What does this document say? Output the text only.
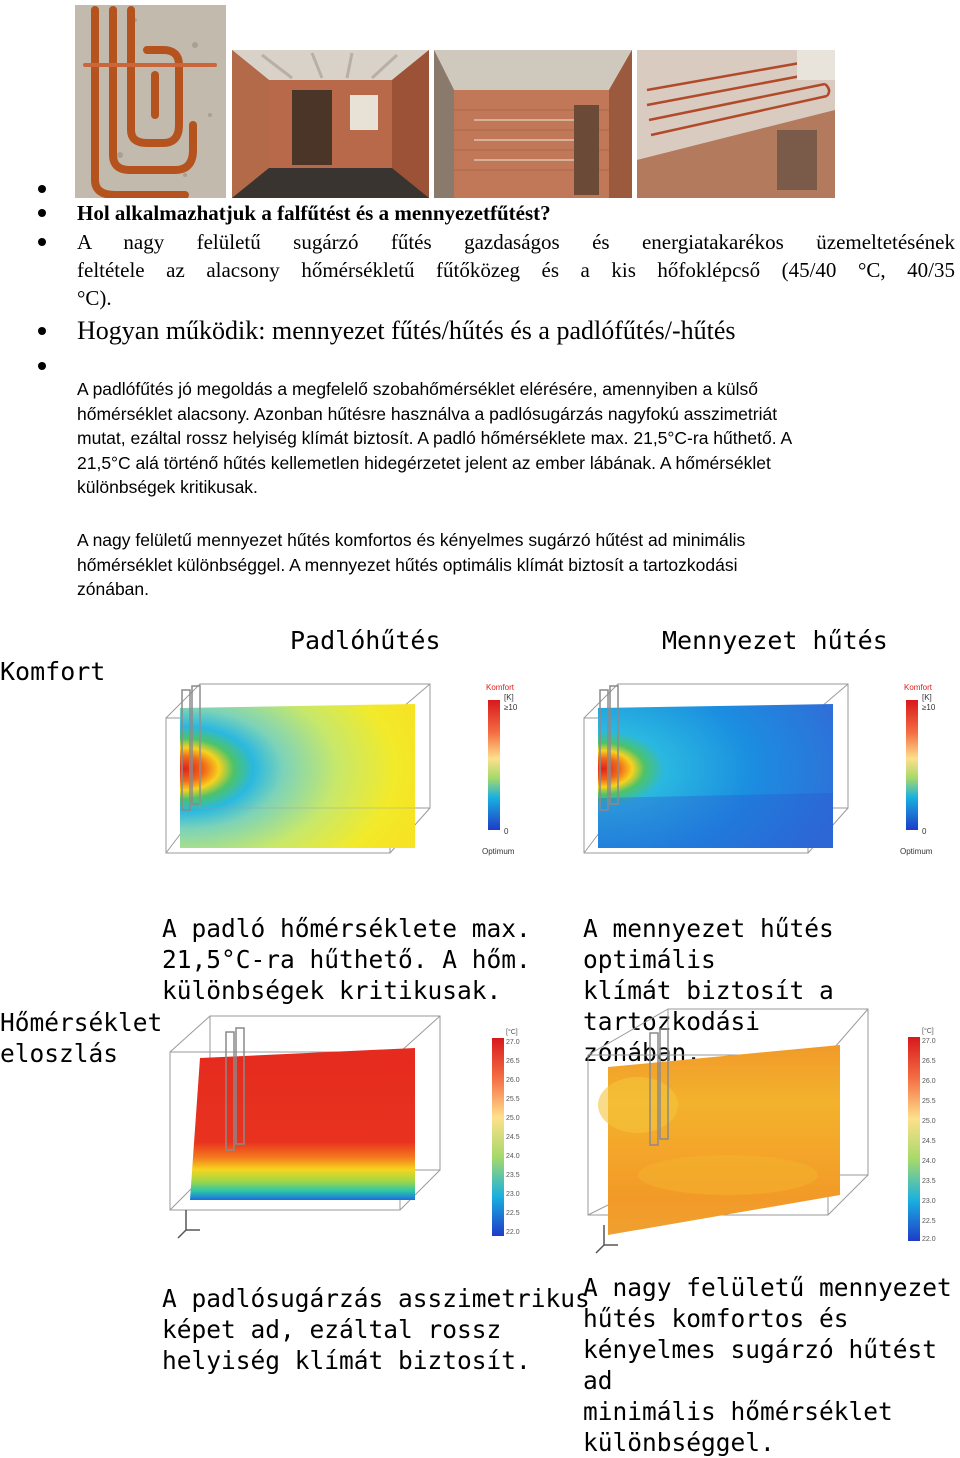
Hol alkalmazhatjuk a falfűtést és a mennyezetfűtést?
A nagy felületű sugárzó fűtés gazdaságos és energiatakarékos üzemeltetésének
feltétele az alacsony hőmérsékletű fűtőközeg és a kis hőfoklépcső (45/40 °C, 40/35
°C).
Hogyan működik: mennyezet fűtés/hűtés és a padlófűtés/-hűtés
A padlófűtés jó megoldás a megfelelő szobahőmérséklet elérésére, amennyiben a külső
hőmérséklet alacsony. Azonban hűtésre használva a padlósugárzás nagyfokú asszimetriát
mutat, ezáltal rossz helyiség klímát biztosít. A padló hőmérséklete max. 21,5°C-ra hűthető. A
21,5°C alá történő hűtés kellemetlen hidegérzetet jelent az ember lábának. A hőmérséklet
különbségek kritikusak.
A nagy felületű mennyezet hűtés komfortos és kényelmes sugárzó hűtést ad minimális
hőmérséklet különbséggel. A mennyezet hűtés optimális klímát biztosít a tartozkodási
zónában.
Padlóhűtés	Mennyezet hűtés
Komfort
Komfort
[K]
≥10
0
Optimum
Komfort
[K]
≥10
0
Optimum
A padló hőmérséklete max.
21,5°C-ra hűthető. A hőm.
különbségek kritikusak.
A mennyezet hűtés optimális
klímát biztosít a tartozkodási
zónában.
Hőmérséklet
eloszlás
[°C]
27.0
26.5
26.0
25.5
25.0
24.5
24.0
23.5
23.0
22.5
22.0
[°C]
27.0
26.5
26.0
25.5
25.0
24.5
24.0
23.5
23.0
22.5
22.0
A padlósugárzás asszimetrikus
képet ad, ezáltal rossz
helyiség klímát biztosít.
A nagy felületű mennyezet
hűtés komfortos és
kényelmes sugárzó hűtést ad
minimális hőmérséklet
különbséggel.
